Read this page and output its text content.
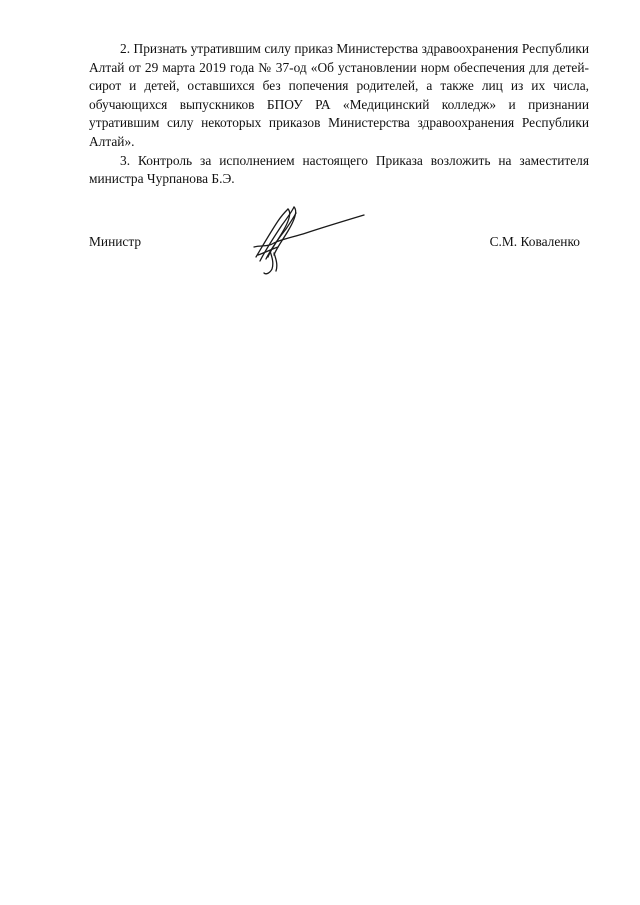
2. Признать утратившим силу приказ Министерства здравоохранения Республики Алтай от 29 марта 2019 года № 37-од «Об установлении норм обеспечения для детей-сирот и детей, оставшихся без попечения родителей, а также лиц из их числа, обучающихся выпускников БПОУ РА «Медицинский колледж» и признании утратившим силу некоторых приказов Министерства здравоохранения Республики Алтай».

3. Контроль за исполнением настоящего Приказа возложить на заместителя министра Чурпанова Б.Э.

Министр	С.М. Коваленко
